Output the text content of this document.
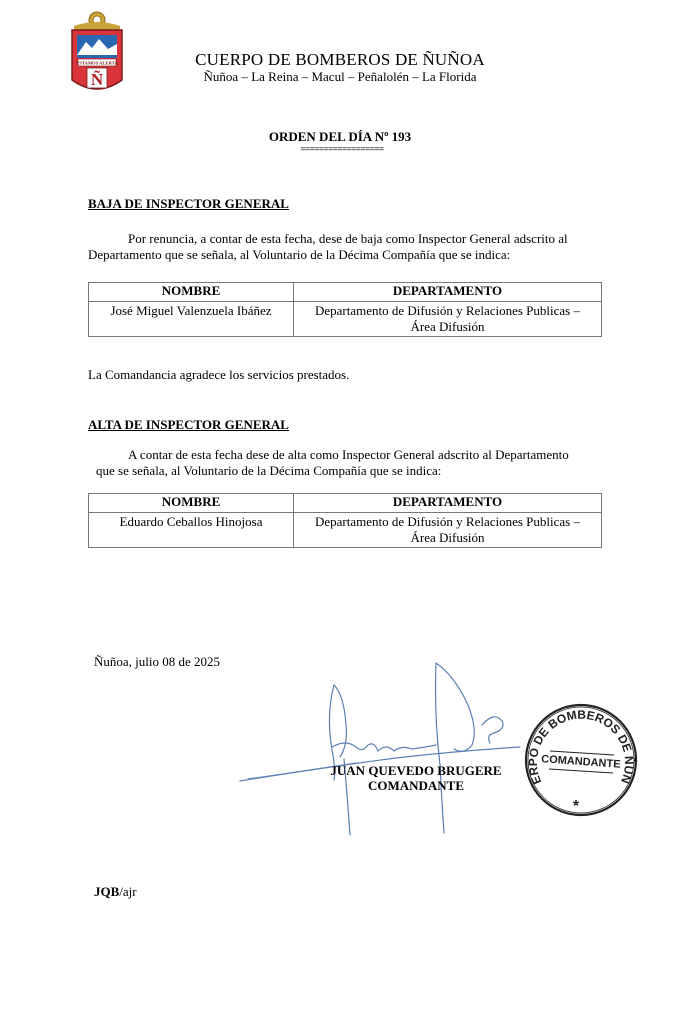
ESTAMOS ALERTA
Ñ
CUERPO DE BOMBEROS DE ÑUÑOA
Ñuñoa – La Reina – Macul – Peñalolén – La Florida
ORDEN DEL DÍA Nº 193
==================
BAJA DE INSPECTOR GENERAL
Por renuncia, a contar de esta fecha, dese de baja como Inspector General adscrito al
Departamento que se señala, al Voluntario de la Décima Compañía que se indica:
NOMBRE	DEPARTAMENTO
José Miguel Valenzuela Ibáñez	Departamento de Difusión y Relaciones Publicas –
Área Difusión
La Comandancia agradece los servicios prestados.
ALTA DE INSPECTOR GENERAL
A contar de esta fecha dese de alta como Inspector General adscrito al Departamento
que se señala, al Voluntario de la Décima Compañía que se indica:
NOMBRE	DEPARTAMENTO
Eduardo Ceballos Hinojosa	Departamento de Difusión y Relaciones Publicas –
Área Difusión
Ñuñoa, julio 08 de 2025
JUAN QUEVEDO BRUGERE
COMANDANTE	ERPO DE BOMBEROS DE ÑUÑ
COMANDANTE
*
JQB/ajr
